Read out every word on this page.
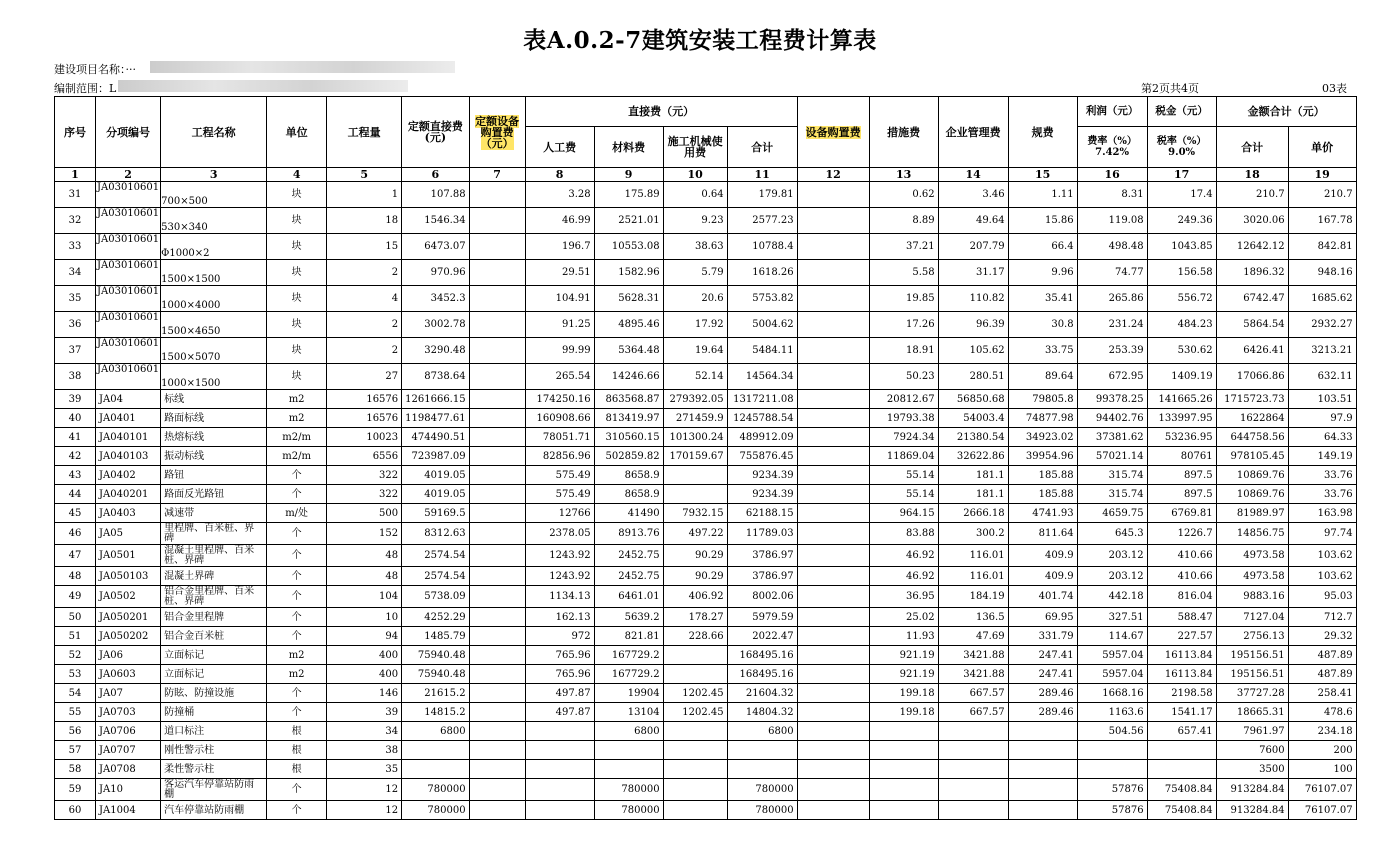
表A.0.2-7建筑安装工程费计算表
建设项目名称：···
编制范围：L	第2页共4页	03表
序号	分项编号	工程名称	单位	工程量	定额直接费(元)	定额设备购置费（元）	直接费（元）				设备购置费	措施费	企业管理费	规费	利润（元）	税金（元）	金额合计（元）	
							人工费	材料费	施工机械使用费	合计					费率（%）7.42%	税率（%）9.0%	合计	单价
1	2	3	4	5	6	7	8	9	10	11	12	13	14	15	16	17	18	19
31	JA03010601	700×500	块	1	107.88		3.28	175.89	0.64	179.81		0.62	3.46	1.11	8.31	17.4	210.7	210.7
32	JA03010601	530×340	块	18	1546.34		46.99	2521.01	9.23	2577.23		8.89	49.64	15.86	119.08	249.36	3020.06	167.78
33	JA03010601	Φ1000×2	块	15	6473.07		196.7	10553.08	38.63	10788.4		37.21	207.79	66.4	498.48	1043.85	12642.12	842.81
34	JA03010601	1500×1500	块	2	970.96		29.51	1582.96	5.79	1618.26		5.58	31.17	9.96	74.77	156.58	1896.32	948.16
35	JA03010601	1000×4000	块	4	3452.3		104.91	5628.31	20.6	5753.82		19.85	110.82	35.41	265.86	556.72	6742.47	1685.62
36	JA03010601	1500×4650	块	2	3002.78		91.25	4895.46	17.92	5004.62		17.26	96.39	30.8	231.24	484.23	5864.54	2932.27
37	JA03010601	1500×5070	块	2	3290.48		99.99	5364.48	19.64	5484.11		18.91	105.62	33.75	253.39	530.62	6426.41	3213.21
38	JA03010601	1000×1500	块	27	8738.64		265.54	14246.66	52.14	14564.34		50.23	280.51	89.64	672.95	1409.19	17066.86	632.11
39	JA04	标线	m2	16576	1261666.15		174250.16	863568.87	279392.05	1317211.08		20812.67	56850.68	79805.8	99378.25	141665.26	1715723.73	103.51
40	JA0401	路面标线	m2	16576	1198477.61		160908.66	813419.97	271459.9	1245788.54		19793.38	54003.4	74877.98	94402.76	133997.95	1622864	97.9
41	JA040101	热熔标线	m2/m	10023	474490.51		78051.71	310560.15	101300.24	489912.09		7924.34	21380.54	34923.02	37381.62	53236.95	644758.56	64.33
42	JA040103	振动标线	m2/m	6556	723987.09		82856.96	502859.82	170159.67	755876.45		11869.04	32622.86	39954.96	57021.14	80761	978105.45	149.19
43	JA0402	路钮	个	322	4019.05		575.49	8658.9		9234.39		55.14	181.1	185.88	315.74	897.5	10869.76	33.76
44	JA040201	路面反光路钮	个	322	4019.05		575.49	8658.9		9234.39		55.14	181.1	185.88	315.74	897.5	10869.76	33.76
45	JA0403	减速带	m/处	500	59169.5		12766	41490	7932.15	62188.15		964.15	2666.18	4741.93	4659.75	6769.81	81989.97	163.98
46	JA05	里程牌、百米桩、界碑	个	152	8312.63		2378.05	8913.76	497.22	11789.03		83.88	300.2	811.64	645.3	1226.7	14856.75	97.74
47	JA0501	混凝土里程牌、百米桩、界碑	个	48	2574.54		1243.92	2452.75	90.29	3786.97		46.92	116.01	409.9	203.12	410.66	4973.58	103.62
48	JA050103	混凝土界碑	个	48	2574.54		1243.92	2452.75	90.29	3786.97		46.92	116.01	409.9	203.12	410.66	4973.58	103.62
49	JA0502	铝合金里程牌、百米桩、界碑	个	104	5738.09		1134.13	6461.01	406.92	8002.06		36.95	184.19	401.74	442.18	816.04	9883.16	95.03
50	JA050201	铝合金里程牌	个	10	4252.29		162.13	5639.2	178.27	5979.59		25.02	136.5	69.95	327.51	588.47	7127.04	712.7
51	JA050202	铝合金百米桩	个	94	1485.79		972	821.81	228.66	2022.47		11.93	47.69	331.79	114.67	227.57	2756.13	29.32
52	JA06	立面标记	m2	400	75940.48		765.96	167729.2		168495.16		921.19	3421.88	247.41	5957.04	16113.84	195156.51	487.89
53	JA0603	立面标记	m2	400	75940.48		765.96	167729.2		168495.16		921.19	3421.88	247.41	5957.04	16113.84	195156.51	487.89
54	JA07	防眩、防撞设施	个	146	21615.2		497.87	19904	1202.45	21604.32		199.18	667.57	289.46	1668.16	2198.58	37727.28	258.41
55	JA0703	防撞桶	个	39	14815.2		497.87	13104	1202.45	14804.32		199.18	667.57	289.46	1163.6	1541.17	18665.31	478.6
56	JA0706	道口标注	根	34	6800			6800		6800					504.56	657.41	7961.97	234.18
57	JA0707	刚性警示柱	根	38													7600	200
58	JA0708	柔性警示柱	根	35													3500	100
59	JA10	客运汽车停靠站防雨棚	个	12	780000			780000		780000					57876	75408.84	913284.84	76107.07
60	JA1004	汽车停靠站防雨棚	个	12	780000			780000		780000					57876	75408.84	913284.84	76107.07
